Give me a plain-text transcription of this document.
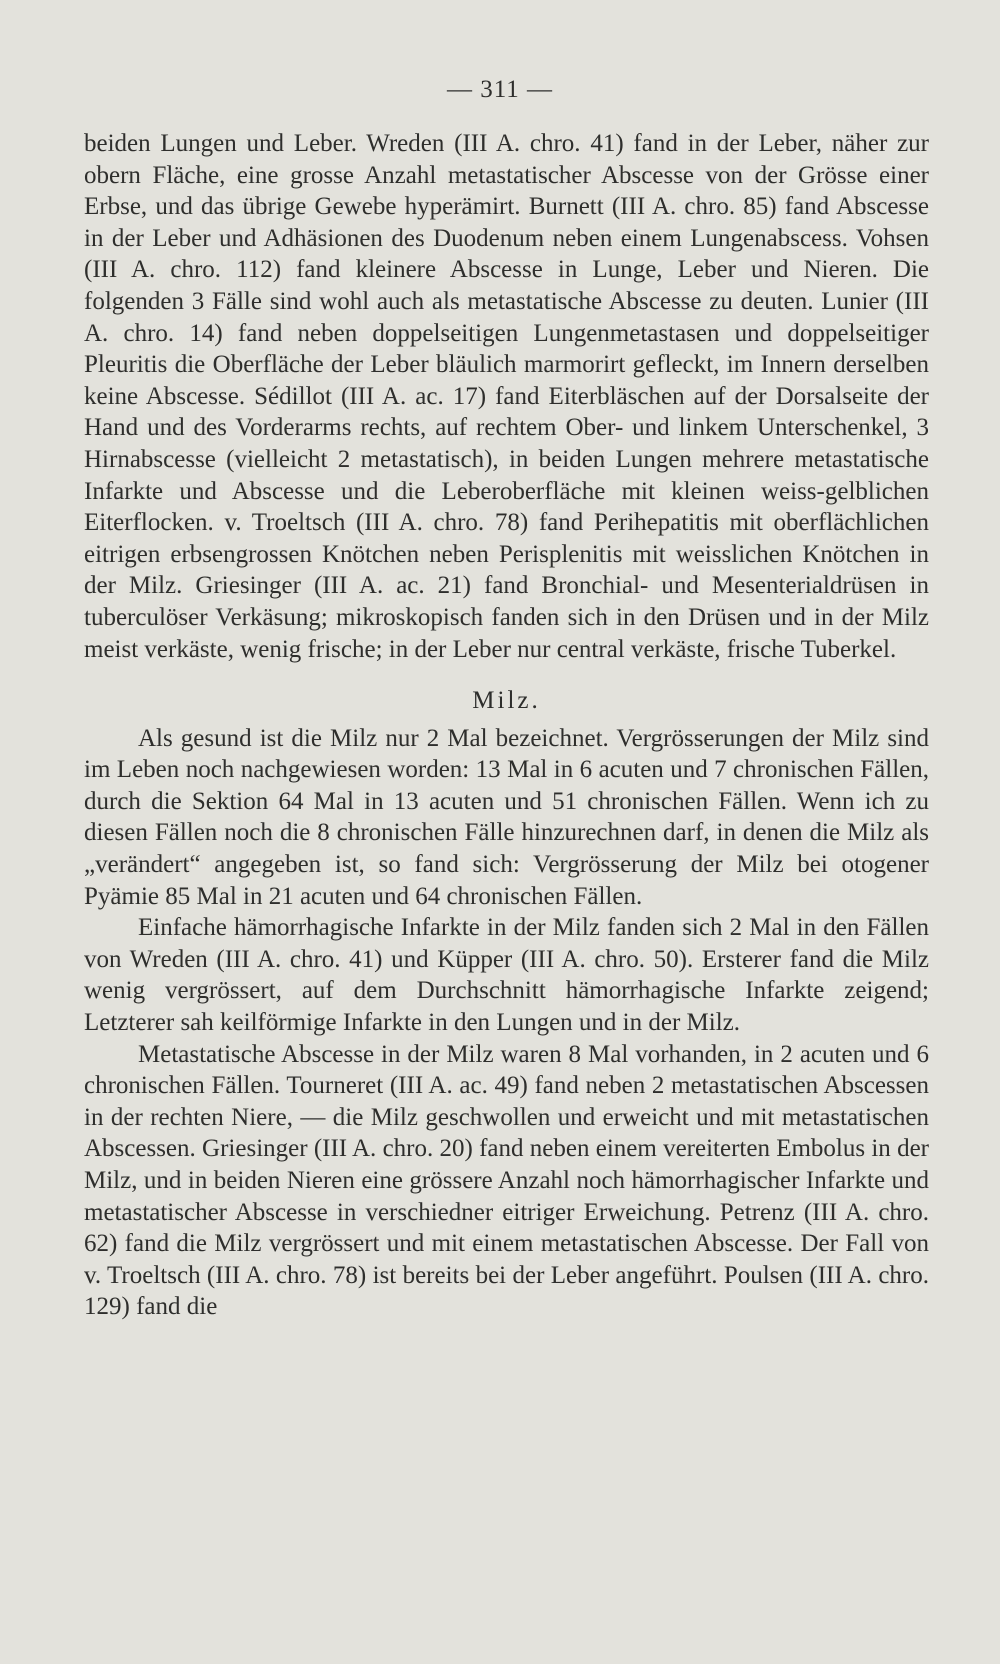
— 311 —

beiden Lungen und Leber. Wreden (III A. chro. 41) fand in der Leber, näher zur obern Fläche, eine grosse Anzahl metastatischer Abscesse von der Grösse einer Erbse, und das übrige Gewebe hyperämirt. Burnett (III A. chro. 85) fand Abscesse in der Leber und Adhäsionen des Duodenum neben einem Lungenabscess. Vohsen (III A. chro. 112) fand kleinere Abscesse in Lunge, Leber und Nieren. Die folgenden 3 Fälle sind wohl auch als metastatische Abscesse zu deuten. Lunier (III A. chro. 14) fand neben doppelseitigen Lungenmetastasen und doppelseitiger Pleuritis die Oberfläche der Leber bläulich marmorirt gefleckt, im Innern derselben keine Abscesse. Sédillot (III A. ac. 17) fand Eiterbläschen auf der Dorsalseite der Hand und des Vorderarms rechts, auf rechtem Ober- und linkem Unterschenkel, 3 Hirnabscesse (vielleicht 2 metastatisch), in beiden Lungen mehrere metastatische Infarkte und Abscesse und die Leberoberfläche mit kleinen weiss-gelblichen Eiterflocken. v. Troeltsch (III A. chro. 78) fand Perihepatitis mit oberflächlichen eitrigen erbsengrossen Knötchen neben Perisplenitis mit weisslichen Knötchen in der Milz. Griesinger (III A. ac. 21) fand Bronchial- und Mesenterialdrüsen in tuberculöser Verkäsung; mikroskopisch fanden sich in den Drüsen und in der Milz meist verkäste, wenig frische; in der Leber nur central verkäste, frische Tuberkel.

Milz.

Als gesund ist die Milz nur 2 Mal bezeichnet. Vergrösserungen der Milz sind im Leben noch nachgewiesen worden: 13 Mal in 6 acuten und 7 chronischen Fällen, durch die Sektion 64 Mal in 13 acuten und 51 chronischen Fällen. Wenn ich zu diesen Fällen noch die 8 chronischen Fälle hinzurechnen darf, in denen die Milz als „verändert“ angegeben ist, so fand sich: Vergrösserung der Milz bei otogener Pyämie 85 Mal in 21 acuten und 64 chronischen Fällen.

Einfache hämorrhagische Infarkte in der Milz fanden sich 2 Mal in den Fällen von Wreden (III A. chro. 41) und Küpper (III A. chro. 50). Ersterer fand die Milz wenig vergrössert, auf dem Durchschnitt hämorrhagische Infarkte zeigend; Letzterer sah keilförmige Infarkte in den Lungen und in der Milz.

Metastatische Abscesse in der Milz waren 8 Mal vorhanden, in 2 acuten und 6 chronischen Fällen. Tourneret (III A. ac. 49) fand neben 2 metastatischen Abscessen in der rechten Niere, — die Milz geschwollen und erweicht und mit metastatischen Abscessen. Griesinger (III A. chro. 20) fand neben einem vereiterten Embolus in der Milz, und in beiden Nieren eine grössere Anzahl noch hämorrhagischer Infarkte und metastatischer Abscesse in verschiedner eitriger Erweichung. Petrenz (III A. chro. 62) fand die Milz vergrössert und mit einem metastatischen Abscesse. Der Fall von v. Troeltsch (III A. chro. 78) ist bereits bei der Leber angeführt. Poulsen (III A. chro. 129) fand die
